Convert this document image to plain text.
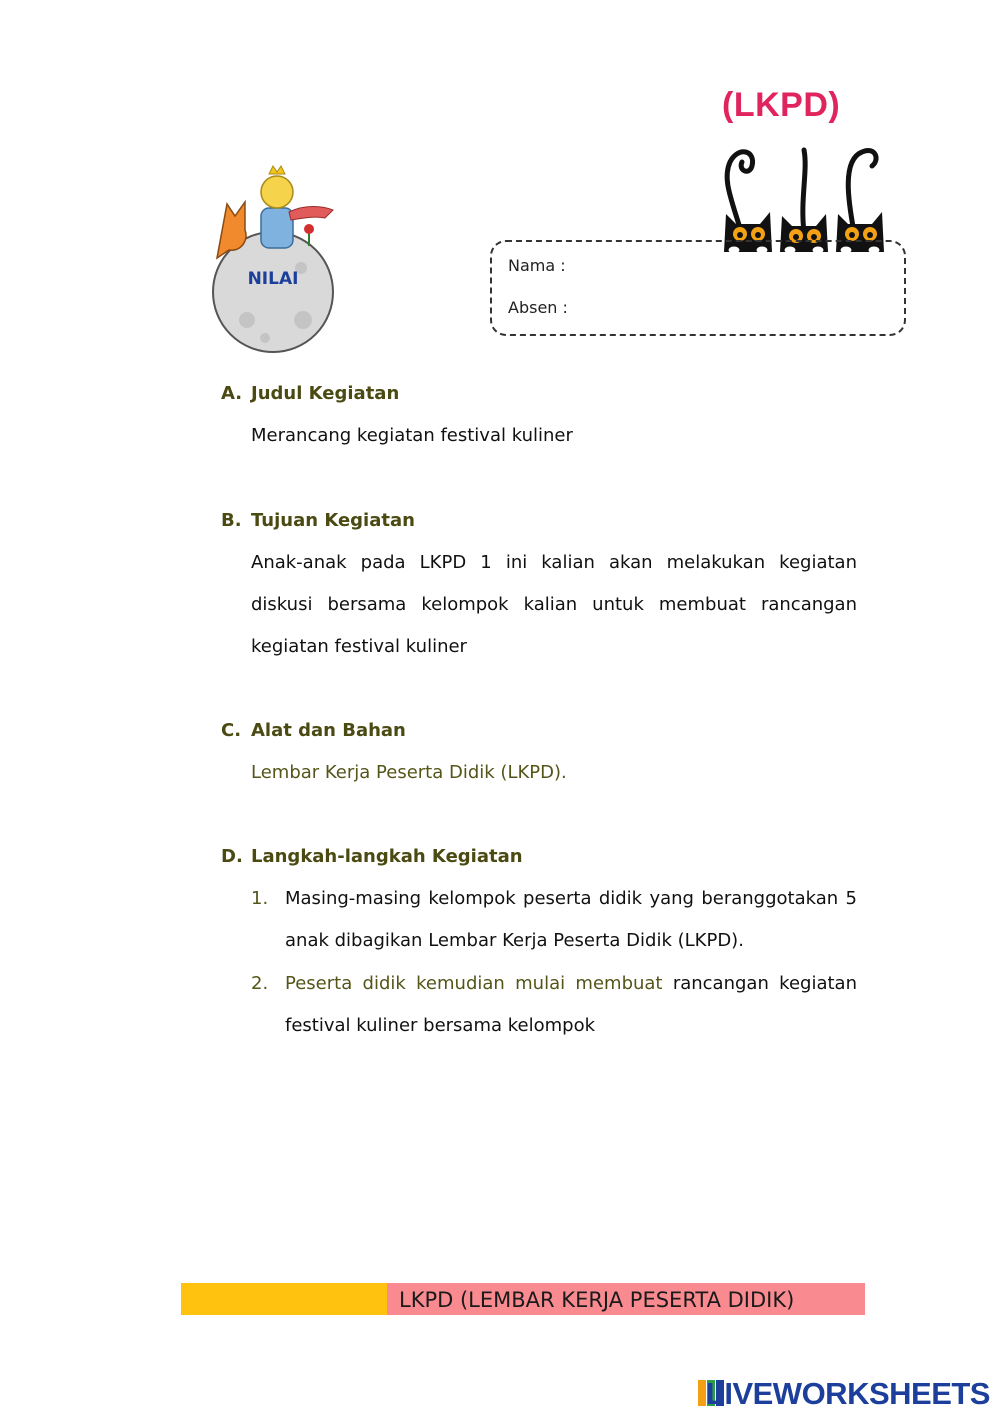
(LKPD)
Nama :
Absen :
NILAI
A. Judul Kegiatan
Merancang kegiatan festival kuliner
B. Tujuan Kegiatan
Anak-anak pada LKPD 1 ini kalian akan melakukan kegiatan diskusi bersama kelompok kalian untuk membuat rancangan kegiatan festival kuliner
C. Alat dan Bahan
Lembar Kerja Peserta Didik (LKPD).
D. Langkah-langkah Kegiatan
1. Masing-masing kelompok peserta didik yang beranggotakan 5 anak dibagikan Lembar Kerja Peserta Didik (LKPD).
2. Peserta didik kemudian mulai membuat rancangan kegiatan festival kuliner bersama kelompok
LKPD (LEMBAR KERJA PESERTA DIDIK)
LIVEWORKSHEETS
